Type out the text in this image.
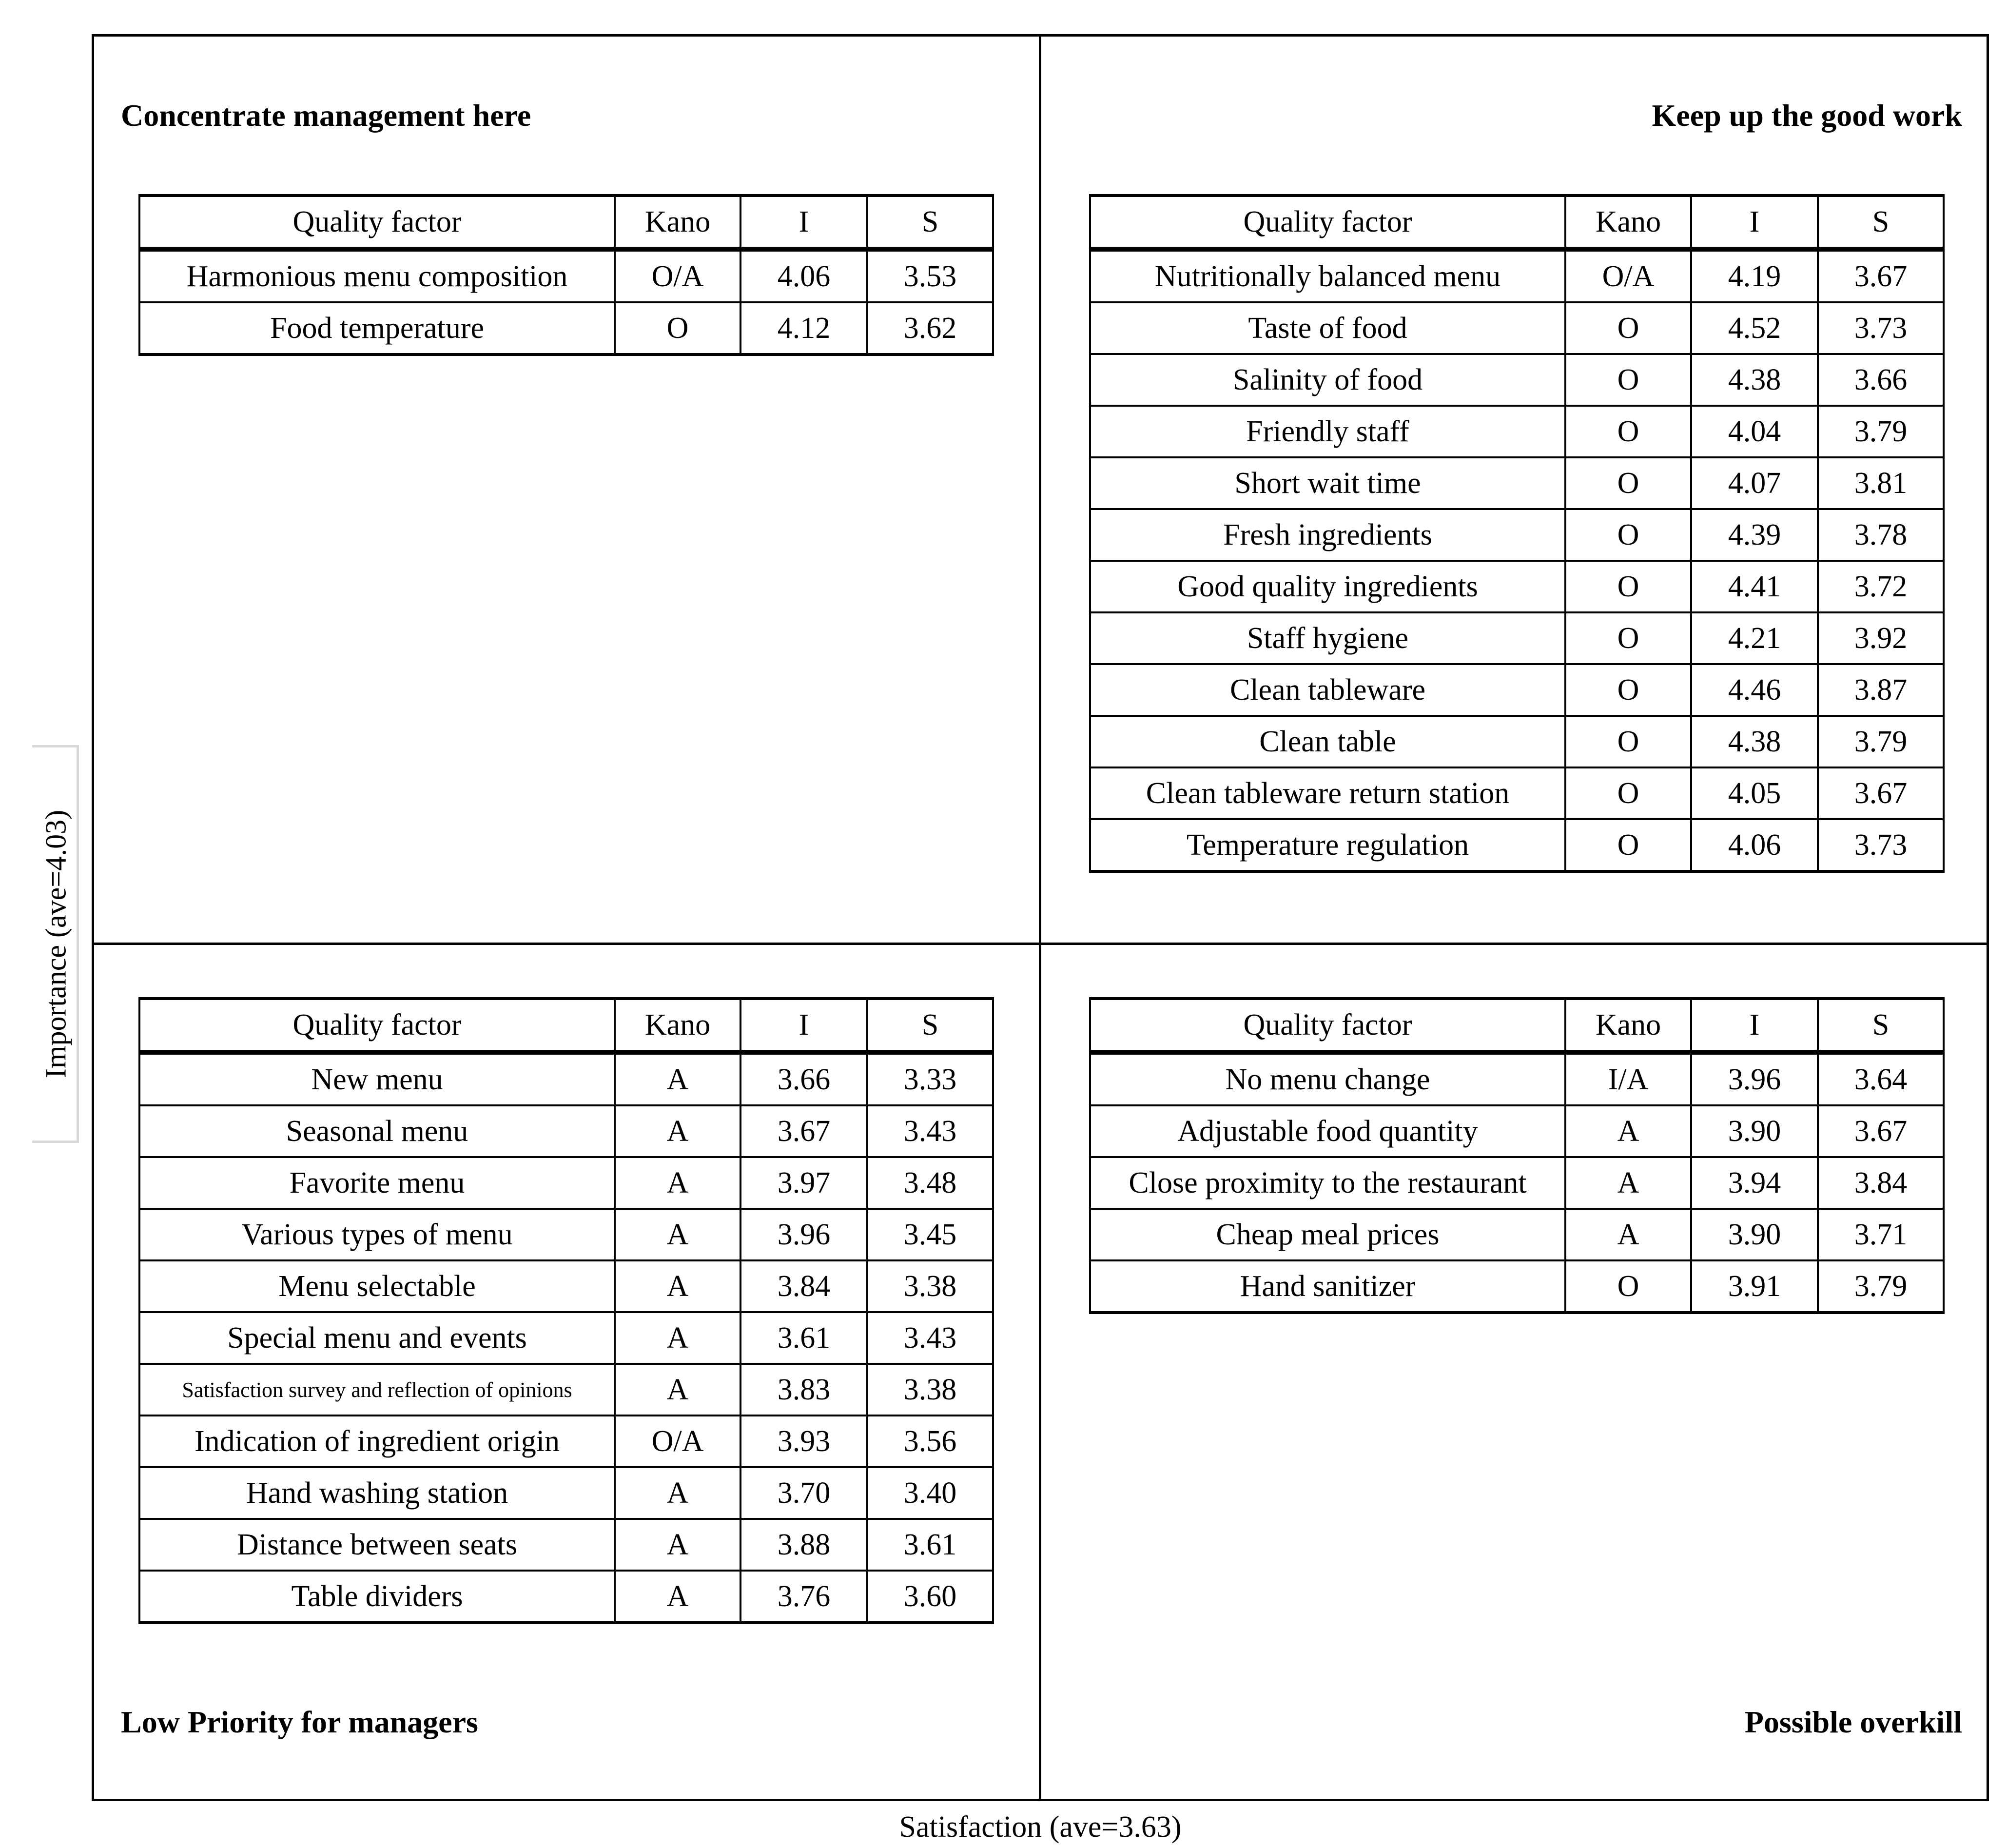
Concentrate management here	Keep up the good work
Low Priority for managers	Possible overkill
Quality factor	Kano	I	S
Harmonious menu composition	O/A	4.06	3.53
Food temperature	O	4.12	3.62
Quality factor	Kano	I	S
Nutritionally balanced menu	O/A	4.19	3.67
Taste of food	O	4.52	3.73
Salinity of food	O	4.38	3.66
Friendly staff	O	4.04	3.79
Short wait time	O	4.07	3.81
Fresh ingredients	O	4.39	3.78
Good quality ingredients	O	4.41	3.72
Staff hygiene	O	4.21	3.92
Clean tableware	O	4.46	3.87
Clean table	O	4.38	3.79
Clean tableware return station	O	4.05	3.67
Temperature regulation	O	4.06	3.73
Quality factor	Kano	I	S
New menu	A	3.66	3.33
Seasonal menu	A	3.67	3.43
Favorite menu	A	3.97	3.48
Various types of menu	A	3.96	3.45
Menu selectable	A	3.84	3.38
Special menu and events	A	3.61	3.43
Satisfaction survey and reflection of opinions	A	3.83	3.38
Indication of ingredient origin	O/A	3.93	3.56
Hand washing station	A	3.70	3.40
Distance between seats	A	3.88	3.61
Table dividers	A	3.76	3.60
Quality factor	Kano	I	S
No menu change	I/A	3.96	3.64
Adjustable food quantity	A	3.90	3.67
Close proximity to the restaurant	A	3.94	3.84
Cheap meal prices	A	3.90	3.71
Hand sanitizer	O	3.91	3.79
Importance (ave=4.03)
Satisfaction (ave=3.63)
